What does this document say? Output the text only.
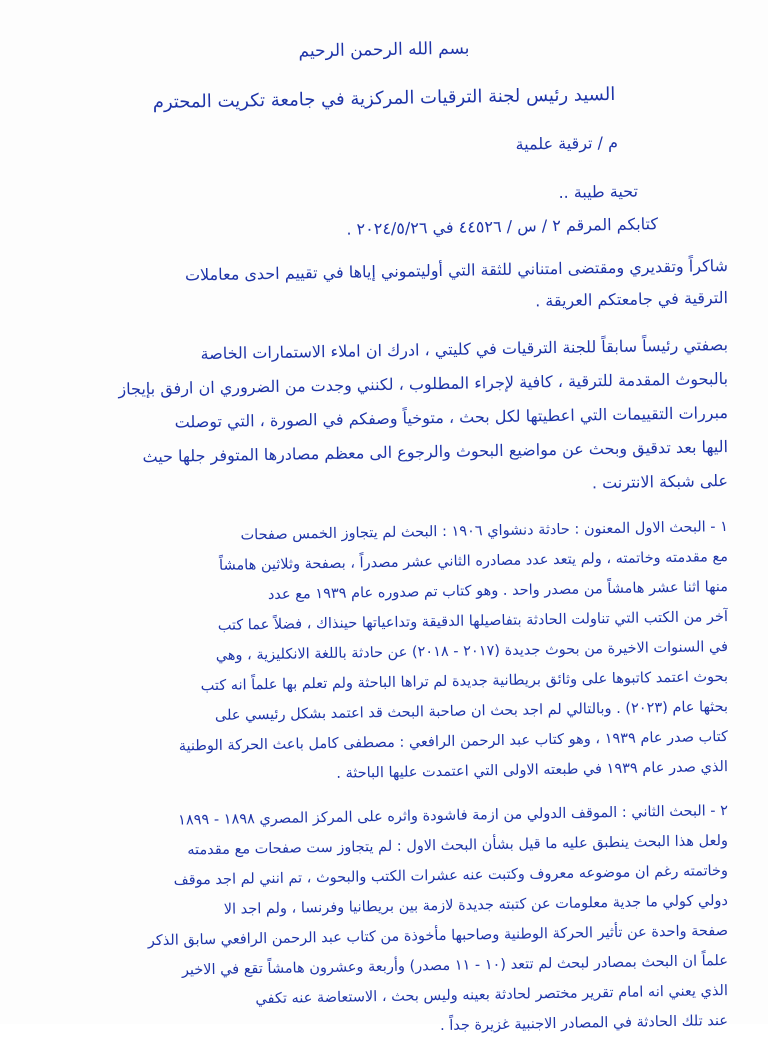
بسم الله الرحمن الرحيم
السيد رئيس لجنة الترقيات المركزية في جامعة تكريت المحترم
م / ترقية علمية
تحية طيبة ..
كتابكم المرقم ٢ / س / ٤٤٥٢٦ في ٢٠٢٤/٥/٢٦ .
شاكراً وتقديري ومقتضى امتناني للثقة التي أوليتموني إياها في تقييم احدى معاملات
الترقية في جامعتكم العريقة .
بصفتي رئيساً سابقاً للجنة الترقيات في كليتي ، ادرك ان املاء الاستمارات الخاصة
بالبحوث المقدمة للترقية ، كافية لإجراء المطلوب ، لكنني وجدت من الضروري ان ارفق بإيجاز
مبررات التقييمات التي اعطيتها لكل بحث ، متوخياً وصفكم في الصورة ، التي توصلت
اليها بعد تدقيق وبحث عن مواضيع البحوث والرجوع الى معظم مصادرها المتوفر جلها حيث
على شبكة الانترنت .
١ - البحث الاول المعنون : حادثة دنشواي ١٩٠٦ : البحث لم يتجاوز الخمس صفحات
مع مقدمته وخاتمته ، ولم يتعد عدد مصادره الثاني عشر مصدراً ، بصفحة وثلاثين هامشاً
منها اثنا عشر هامشاً من مصدر واحد . وهو كتاب تم صدوره عام ١٩٣٩ مع عدد
آخر من الكتب التي تناولت الحادثة بتفاصيلها الدقيقة وتداعياتها حينذاك ، فضلاً عما كتب
في السنوات الاخيرة من بحوث جديدة (٢٠١٧ - ٢٠١٨) عن حادثة باللغة الانكليزية ، وهي
بحوث اعتمد كاتبوها على وثائق بريطانية جديدة لم تراها الباحثة ولم تعلم بها علماً انه كتب
بحثها عام (٢٠٢٣) . وبالتالي لم اجد بحث ان صاحبة البحث قد اعتمد بشكل رئيسي على
كتاب صدر عام ١٩٣٩ ، وهو كتاب عبد الرحمن الرافعي : مصطفى كامل باعث الحركة الوطنية
الذي صدر عام ١٩٣٩ في طبعته الاولى التي اعتمدت عليها الباحثة .
٢ - البحث الثاني : الموقف الدولي من ازمة فاشودة واثره على المركز المصري ١٨٩٨ - ١٨٩٩
ولعل هذا البحث ينطبق عليه ما قيل بشأن البحث الاول : لم يتجاوز ست صفحات مع مقدمته
وخاتمته رغم ان موضوعه معروف وكتبت عنه عشرات الكتب والبحوث ، تم انني لم اجد موقف
دولي كولي ما جدية معلومات عن كتبته جديدة لازمة بين بريطانيا وفرنسا ، ولم اجد الا
صفحة واحدة عن تأثير الحركة الوطنية وصاحبها مأخوذة من كتاب عبد الرحمن الرافعي سابق الذكر
علماً ان البحث بمصادر لبحث لم تتعد (١٠ - ١١ مصدر) وأربعة وعشرون هامشاً تقع في الاخير
الذي يعني انه امام تقرير مختصر لحادثة بعينه وليس بحث ، الاستعاضة عنه تكفي
عند تلك الحادثة في المصادر الاجنبية غزيرة جداً .
